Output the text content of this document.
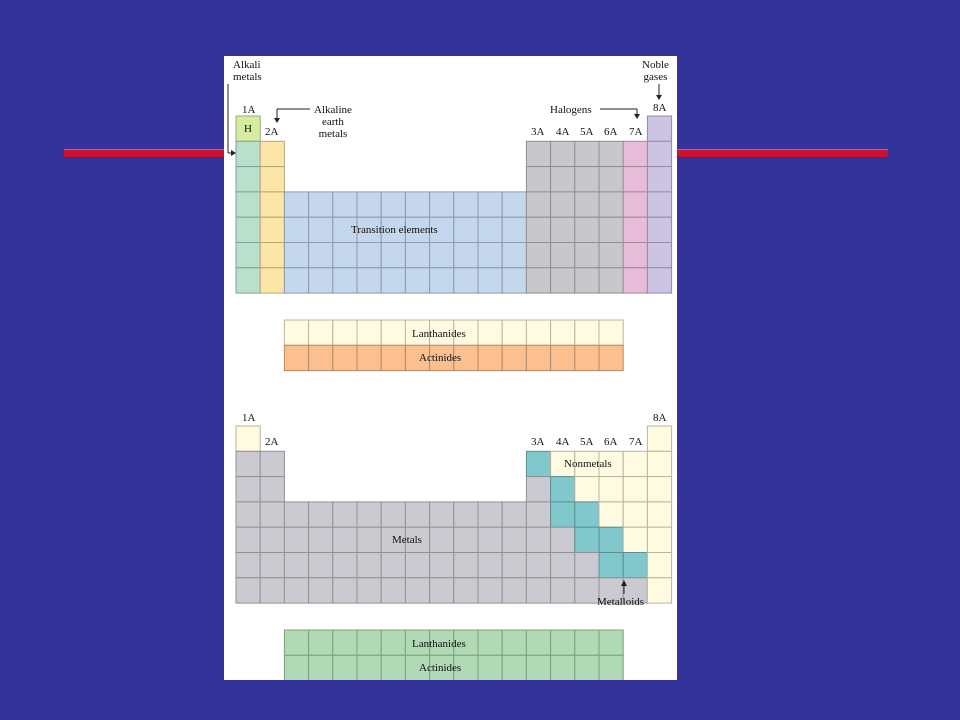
Alkali
metals
Alkaline
earth
metals
Halogens
Noble
gases
1A
2A	3A 4A 5A 6A 7A
8A
H
Transition elements
Lanthanides
Actinides
1A
2A	3A 4A 5A 6A 7A
8A
Nonmetals
Metals
Metalloids
Lanthanides
Actinides
